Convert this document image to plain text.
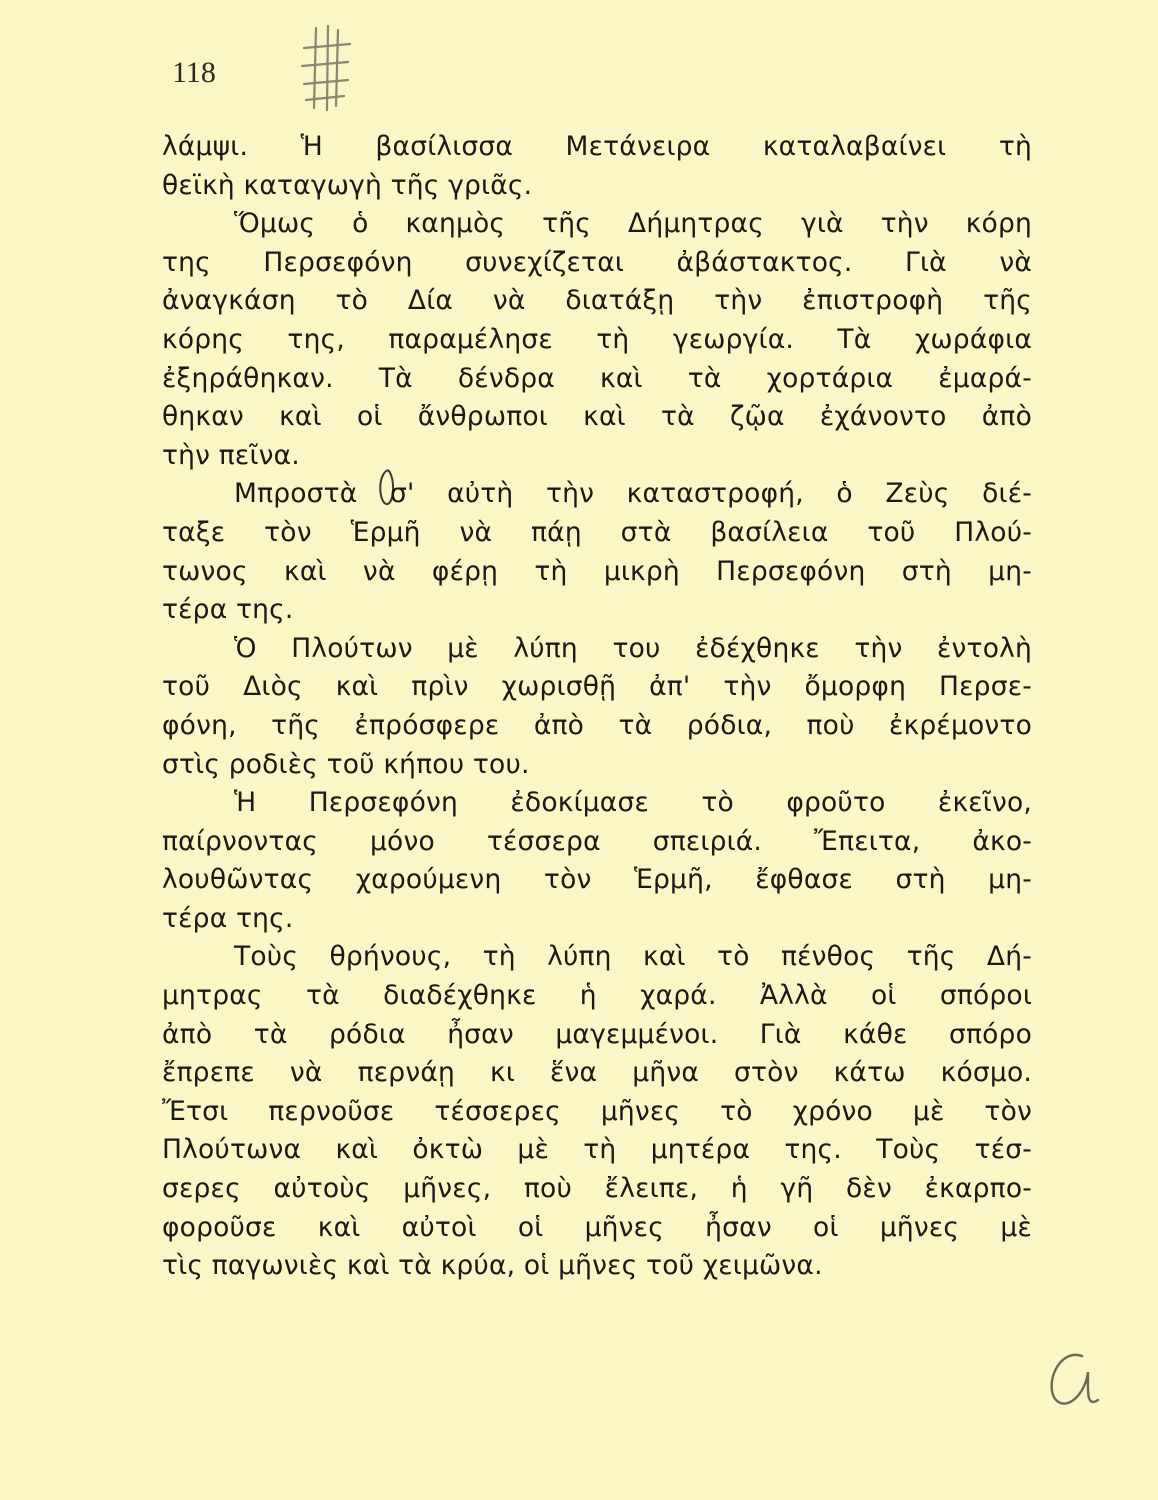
118
λάμψι. Ἡ βασίλισσα Μετάνειρα καταλαβαίνει τὴ
θεϊκὴ καταγωγὴ τῆς γριᾶς.
Ὅμως ὁ καημὸς τῆς Δήμητρας γιὰ τὴν κόρη
της Περσεφόνη συνεχίζεται ἀβάστακτος. Γιὰ νὰ
ἀναγκάση τὸ Δία νὰ διατάξῃ τὴν ἐπιστροφὴ τῆς
κόρης της, παραμέλησε τὴ γεωργία. Τὰ χωράφια
ἐξηράθηκαν. Τὰ δένδρα καὶ τὰ χορτάρια ἐμαρά-
θηκαν καὶ οἱ ἄνθρωποι καὶ τὰ ζῷα ἐχάνοντο ἀπὸ
τὴν πεῖνα.
Μπροστὰ σ' αὐτὴ τὴν καταστροφή, ὁ Ζεὺς διέ-
ταξε τὸν Ἑρμῆ νὰ πάῃ στὰ βασίλεια τοῦ Πλού-
τωνος καὶ νὰ φέρῃ τὴ μικρὴ Περσεφόνη στὴ μη-
τέρα της.
Ὁ Πλούτων μὲ λύπη του ἐδέχθηκε τὴν ἐντολὴ
τοῦ Διὸς καὶ πρὶν χωρισθῇ ἀπ' τὴν ὄμορφη Περσε-
φόνη, τῆς ἐπρόσφερε ἀπὸ τὰ ρόδια, ποὺ ἐκρέμοντο
στὶς ροδιὲς τοῦ κήπου του.
Ἡ Περσεφόνη ἐδοκίμασε τὸ φροῦτο ἐκεῖνο,
παίρνοντας μόνο τέσσερα σπειριά. Ἔπειτα, ἀκο-
λουθῶντας χαρούμενη τὸν Ἑρμῆ, ἔφθασε στὴ μη-
τέρα της.
Τοὺς θρήνους, τὴ λύπη καὶ τὸ πένθος τῆς Δή-
μητρας τὰ διαδέχθηκε ἡ χαρά. Ἀλλὰ οἱ σπόροι
ἀπὸ τὰ ρόδια ἦσαν μαγεμμένοι. Γιὰ κάθε σπόρο
ἔπρεπε νὰ περνάῃ κι ἕνα μῆνα στὸν κάτω κόσμο.
Ἔτσι περνοῦσε τέσσερες μῆνες τὸ χρόνο μὲ τὸν
Πλούτωνα καὶ ὀκτὼ μὲ τὴ μητέρα της. Τοὺς τέσ-
σερες αὐτοὺς μῆνες, ποὺ ἔλειπε, ἡ γῆ δὲν ἐκαρπο-
φοροῦσε καὶ αὐτοὶ οἱ μῆνες ἦσαν οἱ μῆνες μὲ
τὶς παγωνιὲς καὶ τὰ κρύα, οἱ μῆνες τοῦ χειμῶνα.
